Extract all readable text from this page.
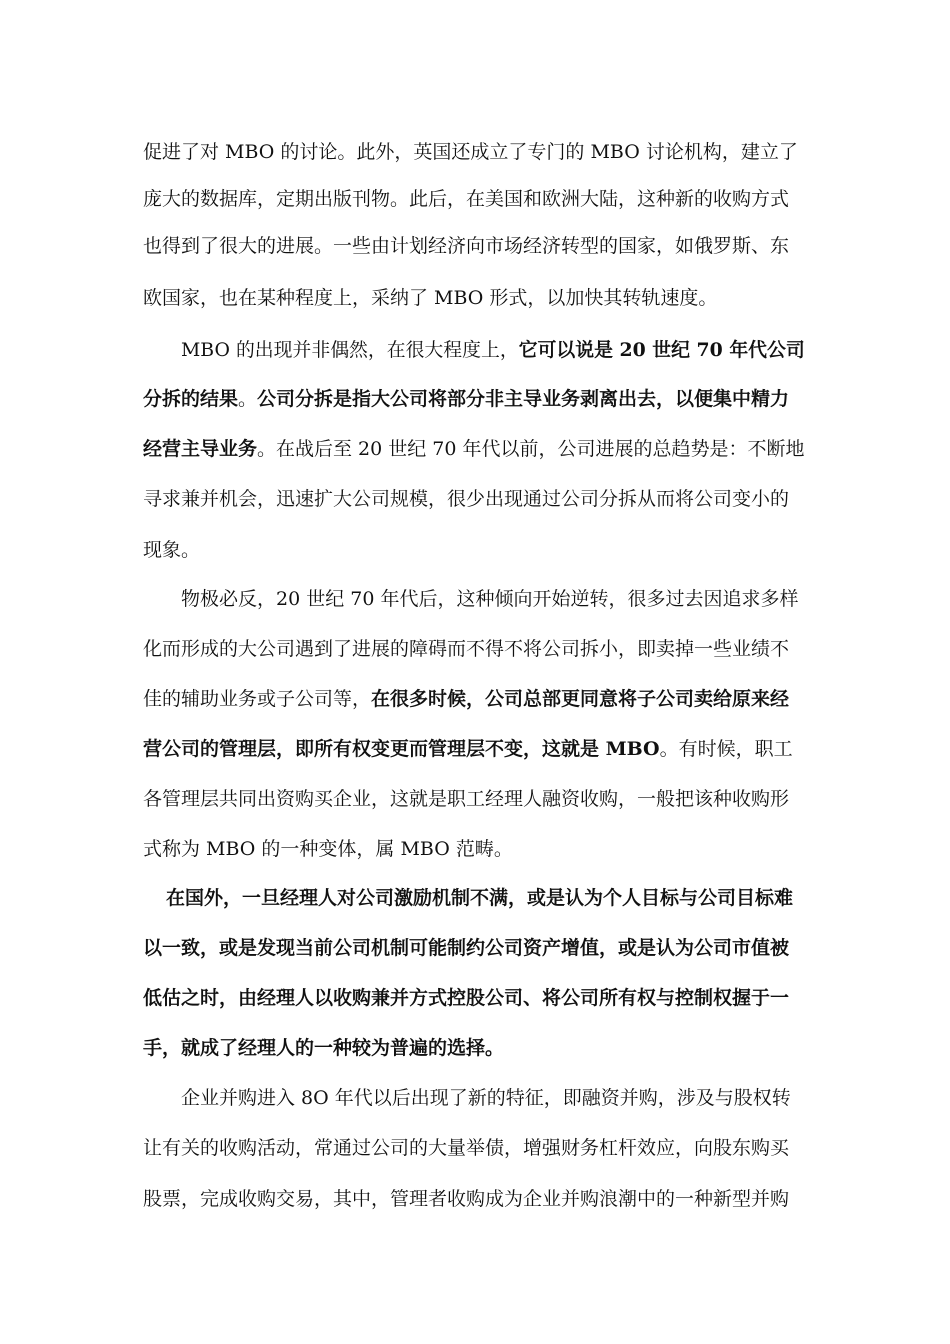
促进了对 MBO 的讨论。此外，英国还成立了专门的 MBO 讨论机构，建立了
庞大的数据库，定期出版刊物。此后，在美国和欧洲大陆，这种新的收购方式
也得到了很大的进展。一些由计划经济向市场经济转型的国家，如俄罗斯、东
欧国家，也在某种程度上，采纳了 MBO 形式，以加快其转轨速度。
MBO 的出现并非偶然，在很大程度上，它可以说是 20 世纪 70 年代公司
分拆的结果。公司分拆是指大公司将部分非主导业务剥离出去，以便集中精力
经营主导业务。在战后至 20 世纪 70 年代以前，公司进展的总趋势是：不断地
寻求兼并机会，迅速扩大公司规模，很少出现通过公司分拆从而将公司变小的
现象。
物极必反，20 世纪 70 年代后，这种倾向开始逆转，很多过去因追求多样
化而形成的大公司遇到了进展的障碍而不得不将公司拆小，即卖掉一些业绩不
佳的辅助业务或子公司等，在很多时候，公司总部更同意将子公司卖给原来经
营公司的管理层，即所有权变更而管理层不变，这就是 MBO。有时候，职工
各管理层共同出资购买企业，这就是职工经理人融资收购，一般把该种收购形
式称为 MBO 的一种变体，属 MBO 范畴。
在国外，一旦经理人对公司激励机制不满，或是认为个人目标与公司目标难
以一致，或是发现当前公司机制可能制约公司资产增值，或是认为公司市值被
低估之时，由经理人以收购兼并方式控股公司、将公司所有权与控制权握于一
手，就成了经理人的一种较为普遍的选择。
企业并购进入 8O 年代以后出现了新的特征，即融资并购，涉及与股权转
让有关的收购活动，常通过公司的大量举债，增强财务杠杆效应，向股东购买
股票，完成收购交易，其中，管理者收购成为企业并购浪潮中的一种新型并购
